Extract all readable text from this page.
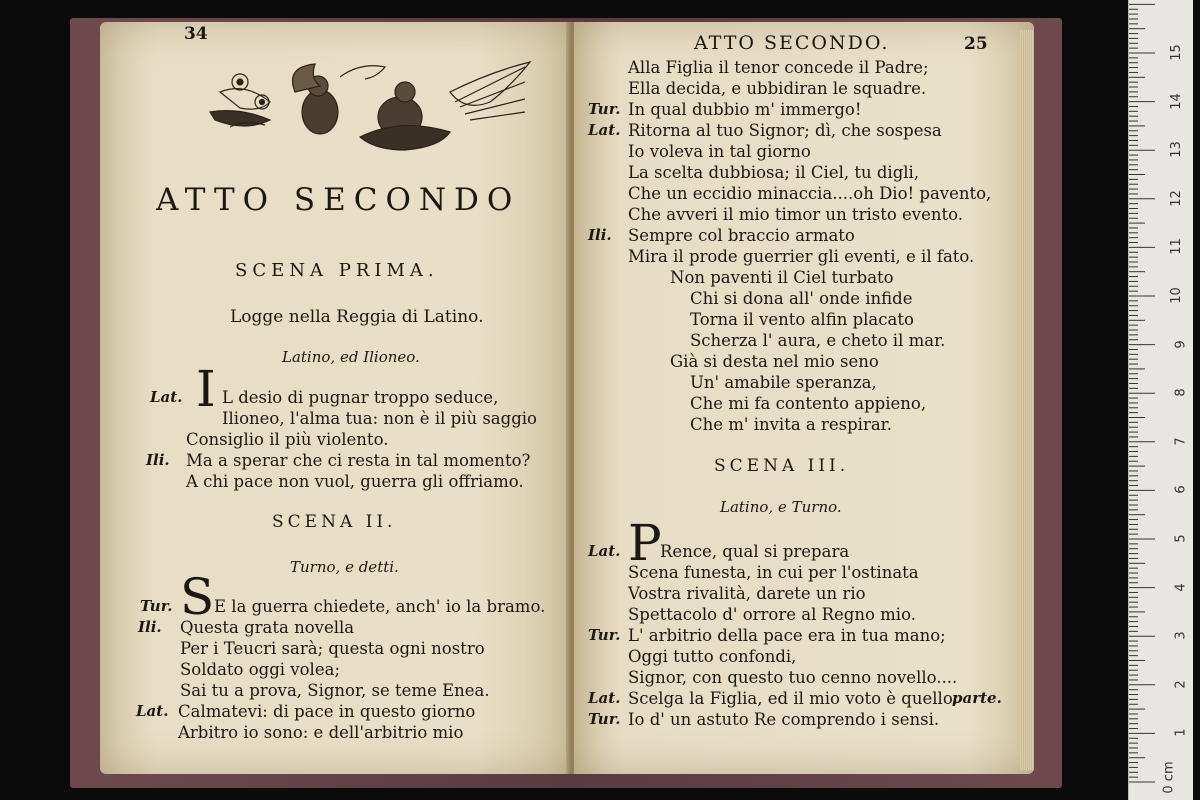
34
ATTO SECONDO
SCENA PRIMA.
Logge nella Reggia di Latino.
Latino, ed Ilioneo.
Lat. I L desio di pugnar troppo seduce,
Ilioneo, l'alma tua: non è il più saggio
Consiglio il più violento.
Ili. Ma a sperar che ci resta in tal momento?
A chi pace non vuol, guerra gli offriamo.
SCENA II.
Turno, e detti.
Tur. S E la guerra chiedete, anch' io la bramo.
Ili. Questa grata novella
Per i Teucri sarà; questa ogni nostro
Soldato oggi volea;
Sai tu a prova, Signor, se teme Enea.
Lat. Calmatevi: di pace in questo giorno
Arbitro io sono: e dell'arbitrio mio
ATTO SECONDO.	25
Alla Figlia il tenor concede il Padre;
Ella decida, e ubbidiran le squadre.
Tur. In qual dubbio m' immergo!
Lat. Ritorna al tuo Signor; dì, che sospesa
Io voleva in tal giorno
La scelta dubbiosa; il Ciel, tu digli,
Che un eccidio minaccia....oh Dio! pavento,
Che avveri il mio timor un tristo evento.
Ili. Sempre col braccio armato
Mira il prode guerrier gli eventi, e il fato.
Non paventi il Ciel turbato
Chi si dona all' onde infide
Torna il vento alfin placato
Scherza l' aura, e cheto il mar.
Già si desta nel mio seno
Un' amabile speranza,
Che mi fa contento appieno,
Che m' invita a respirar.
SCENA III.
Latino, e Turno.
Lat. P
Rence, qual si prepara
Scena funesta, in cui per l'ostinata
Vostra rivalità, darete un rio
Spettacolo d' orrore al Regno mio.
Tur. L' arbitrio della pace era in tua mano;
Oggi tutto confondi,
Signor, con questo tuo cenno novello....
Lat. Scelga la Figlia, ed il mio voto è quello.
parte.
Tur. Io d' un astuto Re comprendo i sensi.
0 cm
1
2
3
4
5
6
7
8
9
10
11
12
13
14
15
